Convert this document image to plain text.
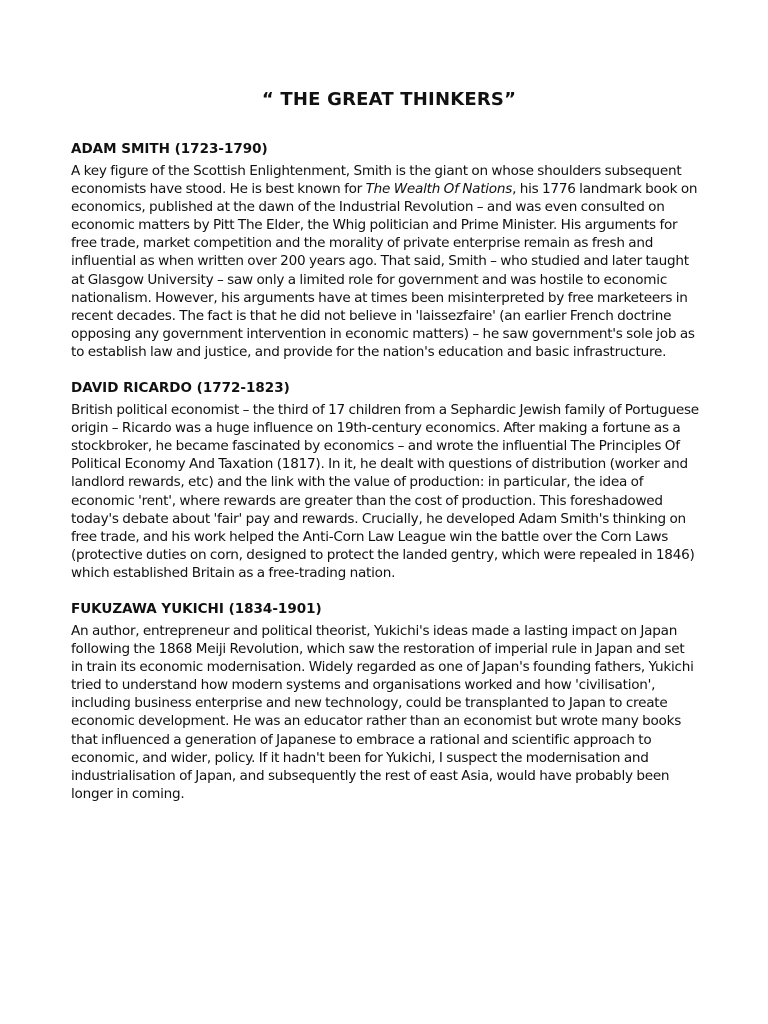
“ THE GREAT THINKERS”
ADAM SMITH (1723-1790)

A key figure of the Scottish Enlightenment, Smith is the giant on whose shoulders subsequent economists have stood. He is best known for The Wealth Of Nations, his 1776 landmark book on economics, published at the dawn of the Industrial Revolution – and was even consulted on economic matters by Pitt The Elder, the Whig politician and Prime Minister. His arguments for free trade, market competition and the morality of private enterprise remain as fresh and influential as when written over 200 years ago. That said, Smith – who studied and later taught at Glasgow University – saw only a limited role for government and was hostile to economic nationalism. However, his arguments have at times been misinterpreted by free marketeers in recent decades. The fact is that he did not believe in 'laissezfaire' (an earlier French doctrine opposing any government intervention in economic matters) – he saw government's sole job as to establish law and justice, and provide for the nation's education and basic infrastructure.

DAVID RICARDO (1772-1823)

British political economist – the third of 17 children from a Sephardic Jewish family of Portuguese origin – Ricardo was a huge influence on 19th-century economics. After making a fortune as a stockbroker, he became fascinated by economics – and wrote the influential The Principles Of Political Economy And Taxation (1817). In it, he dealt with questions of distribution (worker and landlord rewards, etc) and the link with the value of production: in particular, the idea of economic 'rent', where rewards are greater than the cost of production. This foreshadowed today's debate about 'fair' pay and rewards. Crucially, he developed Adam Smith's thinking on free trade, and his work helped the Anti-Corn Law League win the battle over the Corn Laws (protective duties on corn, designed to protect the landed gentry, which were repealed in 1846) which established Britain as a free-trading nation.

FUKUZAWA YUKICHI (1834-1901)

An author, entrepreneur and political theorist, Yukichi's ideas made a lasting impact on Japan following the 1868 Meiji Revolution, which saw the restoration of imperial rule in Japan and set in train its economic modernisation. Widely regarded as one of Japan's founding fathers, Yukichi tried to understand how modern systems and organisations worked and how 'civilisation', including business enterprise and new technology, could be transplanted to Japan to create economic development. He was an educator rather than an economist but wrote many books that influenced a generation of Japanese to embrace a rational and scientific approach to economic, and wider, policy. If it hadn't been for Yukichi, I suspect the modernisation and industrialisation of Japan, and subsequently the rest of east Asia, would have probably been longer in coming.
